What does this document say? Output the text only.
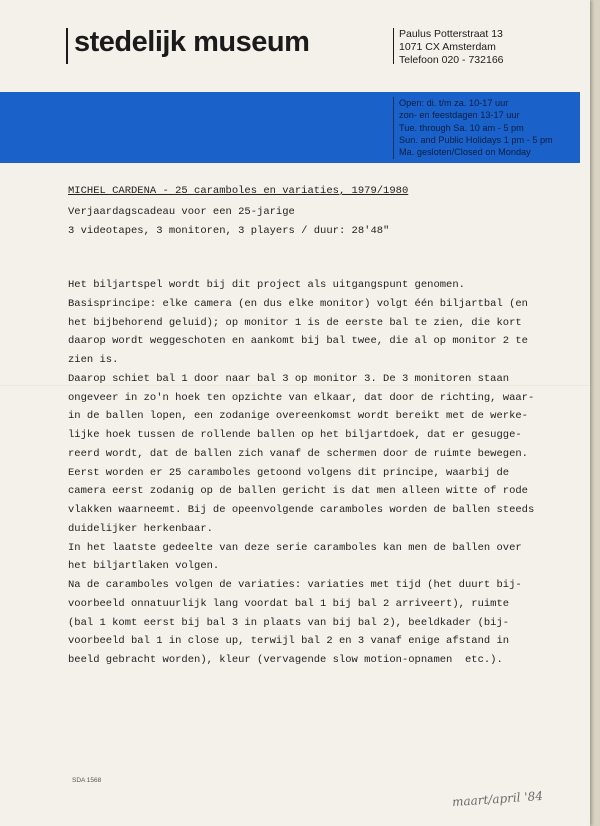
stedelijk museum	Paulus Potterstraat 13
1071 CX Amsterdam
Telefoon 020 - 732166
Open: di. t/m za. 10-17 uur
zon- en feestdagen 13-17 uur
Tue. through Sa. 10 am - 5 pm
Sun. and Public Holidays 1 pm - 5 pm
Ma. gesloten/Closed on Monday
MICHEL CARDENA - 25 caramboles en variaties, 1979/1980
Verjaardagscadeau voor een 25-jarige
3 videotapes, 3 monitoren, 3 players / duur: 28'48"
Het biljartspel wordt bij dit project als uitgangspunt genomen.
Basisprincipe: elke camera (en dus elke monitor) volgt één biljartbal (en
het bijbehorend geluid); op monitor 1 is de eerste bal te zien, die kort
daarop wordt weggeschoten en aankomt bij bal twee, die al op monitor 2 te
zien is.
Daarop schiet bal 1 door naar bal 3 op monitor 3. De 3 monitoren staan
ongeveer in zo'n hoek ten opzichte van elkaar, dat door de richting, waar-
in de ballen lopen, een zodanige overeenkomst wordt bereikt met de werke-
lijke hoek tussen de rollende ballen op het biljartdoek, dat er gesugge-
reerd wordt, dat de ballen zich vanaf de schermen door de ruimte bewegen.
Eerst worden er 25 caramboles getoond volgens dit principe, waarbij de
camera eerst zodanig op de ballen gericht is dat men alleen witte of rode
vlakken waarneemt. Bij de opeenvolgende caramboles worden de ballen steeds
duidelijker herkenbaar.
In het laatste gedeelte van deze serie caramboles kan men de ballen over
het biljartlaken volgen.
Na de caramboles volgen de variaties: variaties met tijd (het duurt bij-
voorbeeld onnatuurlijk lang voordat bal 1 bij bal 2 arriveert), ruimte
(bal 1 komt eerst bij bal 3 in plaats van bij bal 2), beeldkader (bij-
voorbeeld bal 1 in close up, terwijl bal 2 en 3 vanaf enige afstand in
beeld gebracht worden), kleur (vervagende slow motion-opnamen  etc.).
SDA 1568
maart/april '84
